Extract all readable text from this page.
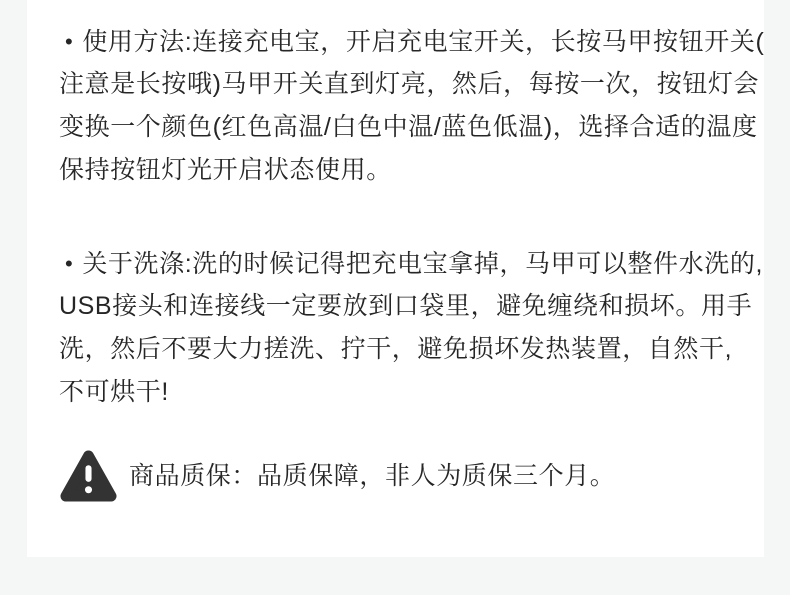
• 使用方法:连接充电宝，开启充电宝开关，长按马甲按钮开关(
注意是长按哦)马甲开关直到灯亮，然后，每按一次，按钮灯会
变换一个颜色(红色高温/白色中温/蓝色低温)，选择合适的温度
保持按钮灯光开启状态使用。
• 关于洗涤:洗的时候记得把充电宝拿掉，马甲可以整件水洗的,
USB接头和连接线一定要放到口袋里，避免缠绕和损坏。用手
洗，然后不要大力搓洗、拧干，避免损坏发热装置，自然干,
不可烘干!
商品质保：品质保障，非人为质保三个月。
